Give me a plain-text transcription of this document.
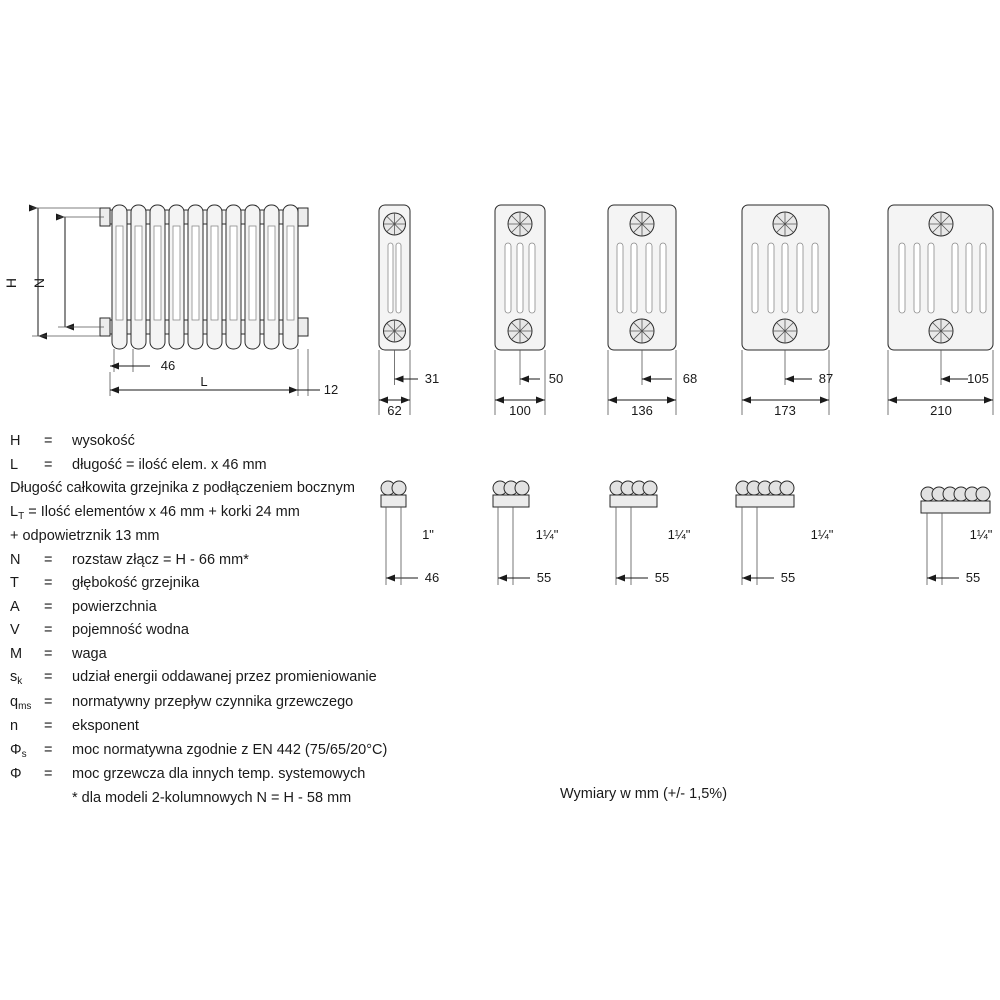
H N
46
L
12
31
62
50
100
68
136
87
173
105
210
46
1"
55
1¼"
55
1¼"
55
1¼"
55
1¼"
H	=	wysokość
L	=	długość = ilość elem. x 46 mm
Długość całkowita grzejnika z podłączeniem bocznym
$L_T$ = Ilość elementów x 46 mm + korki 24 mm
+ odpowietrznik 13 mm
N	=	rozstaw złącz = H - 66 mm*
T	=	głębokość grzejnika
A	=	powierzchnia
V	=	pojemność wodna
M	=	waga
$s_k$	=	udział energii oddawanej przez promieniowanie
$q_{ms}$ =	normatywny przepływ czynnika grzewczego
n	=	eksponent
$\Phi_s$	=	moc normatywna zgodnie z EN 442 (75/65/20°C)
Φ	=	moc grzewcza dla innych temp. systemowych
* dla modeli 2-kolumnowych N = H - 58 mm	Wymiary w mm (+/- 1,5%)
